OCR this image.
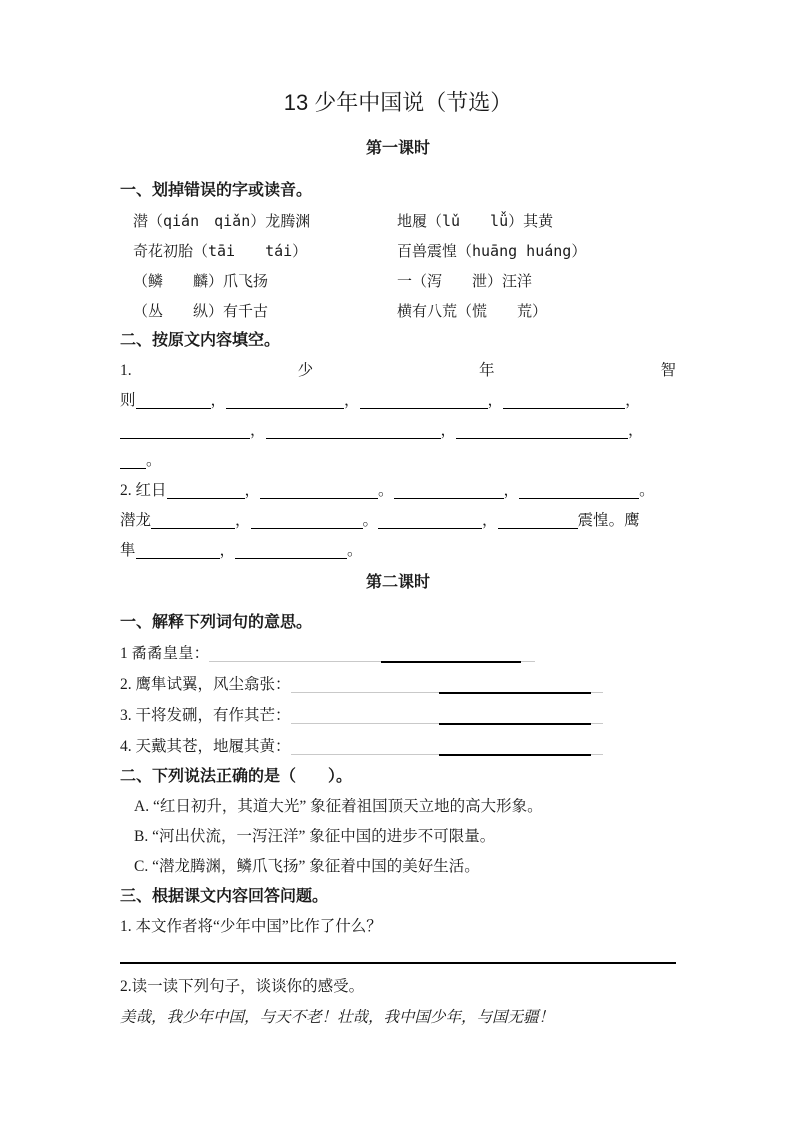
13 少年中国说（节选）
第一课时
一、划掉错误的字或读音。
潜（qián　qiǎn）龙腾渊	地履（lǔ　　lǚ）其黄
奇花初胎（tāi　　tái）	百兽震惶（huāng huáng）
（鳞　　麟）爪飞扬	一（泻　　泄）汪洋
（丛　　纵）有千古	横有八荒（慌　　荒）
二、按原文内容填空。
1.	少	年	智
则	，	，	，	，
，	，	，
。
2. 红日	，	。	，	。
潜龙	，	。	，	震惶。鹰
隼	，	。
第二课时
一、解释下列词句的意思。
1 矞矞皇皇：
2. 鹰隼试翼，风尘翕张：
3. 干将发硎，有作其芒：
4. 天戴其苍，地履其黄：
二、下列说法正确的是（　　）。
A. “红日初升，其道大光” 象征着祖国顶天立地的高大形象。
B. “河出伏流，一泻汪洋” 象征中国的进步不可限量。
C. “潜龙腾渊，鳞爪飞扬” 象征着中国的美好生活。
三、根据课文内容回答问题。
1. 本文作者将“少年中国”比作了什么？
2.读一读下列句子，谈谈你的感受。
美哉，我少年中国，与天不老！壮哉，我中国少年，与国无疆！
